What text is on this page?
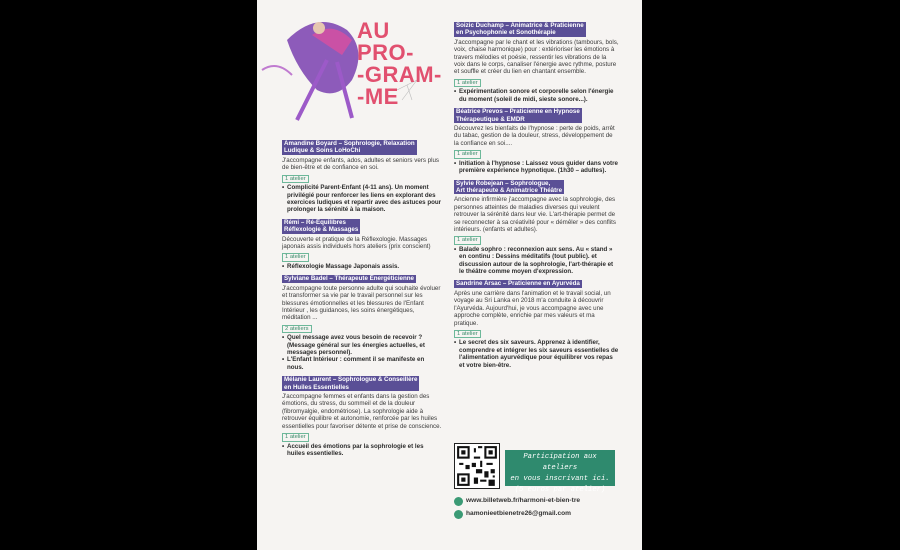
AU
PRO-
-GRAM-
-ME
Amandine Boyard – Sophrologie, Relaxation
Ludique & Soins LoHoChi
J'accompagne enfants, ados, adultes et seniors vers plus de bien-être et de confiance en soi.
1 atelier
• Complicité Parent-Enfant (4-11 ans). Un moment privilégié pour renforcer les liens en explorant des exercices ludiques et repartir avec des astuces pour prolonger la sérénité à la maison.
Rémi – Ré-Équilibres
Réflexologie & Massages
Découverte et pratique de la Réflexologie. Massages japonais assis individuels hors ateliers (prix conscient)
1 atelier
• Réflexologie Massage Japonais assis.
Sylviane Badel – Thérapeute Énergéticienne
J'accompagne toute personne adulte qui souhaite évoluer et transformer sa vie par le travail personnel sur les blessures émotionnelles et les blessures de l'Enfant Intérieur , les guidances, les soins énergétiques, méditation ...
2 ateliers
• Quel message avez vous besoin de recevoir ? (Message général sur les énergies actuelles, et messages personnel).
• L'Enfant Intérieur : comment il se manifeste en nous.
Mélanie Laurent – Sophrologue & Conseillère
en Huiles Essentielles
J'accompagne femmes et enfants dans la gestion des émotions, du stress, du sommeil et de la douleur (fibromyalgie, endométriose). La sophrologie aide à retrouver équilibre et autonomie, renforcée par les huiles essentielles pour favoriser détente et prise de conscience.
1 atelier
• Accueil des émotions par la sophrologie et les huiles essentielles.
Soizic Duchamp – Animatrice & Praticienne
en Psychophonie et Sonothérapie
J'accompagne par le chant et les vibrations (tambours, bols, voix, chaise harmonique) pour : extérioriser les émotions à travers mélodies et poésie, ressentir les vibrations de la voix dans le corps, canaliser l'énergie avec rythme, posture et souffle et créer du lien en chantant ensemble.
1 atelier
• Expérimentation sonore et corporelle selon l'énergie du moment (soleil de midi, sieste sonore...).
Béatrice Prevos – Praticienne en Hypnose
Thérapeutique & EMDR
Découvrez les bienfaits de l'hypnose : perte de poids, arrêt du tabac, gestion de la douleur, stress, développement de la confiance en soi....
1 atelier
• Initiation à l'hypnose : Laissez vous guider dans votre première expérience hypnotique. (1h30 – adultes).
Sylvie Robejean – Sophrologue,
Art thérapeute & Animatrice Théâtre
Ancienne infirmière j'accompagne avec la sophrologie, des personnes atteintes de maladies diverses qui veulent retrouver la sérénité dans leur vie. L'art-thérapie permet de se reconnecter à sa créativité pour « démêler » des conflits intérieurs. (enfants et adultes).
1 atelier
• Balade sophro : reconnexion aux sens. Au « stand » en continu : Dessins méditatifs (tout public). et discussion autour de la sophrologie, l'art-thérapie et le théâtre comme moyen d'expression.
Sandrine Arsac – Praticienne en Ayurvéda
Après une carrière dans l'animation et le travail social, un voyage au Sri Lanka en 2018 m'a conduite à découvrir l'Ayurvéda. Aujourd'hui, je vous accompagne avec une approche complète, enrichie par mes valeurs et ma pratique.
1 atelier
• Le secret des six saveurs. Apprenez à identifier, comprendre et intégrer les six saveurs essentielles de l'alimentation ayurvédique pour équilibrer vos repas et votre bien-être.
Participation aux ateliers
en vous inscrivant ici.
(5 euros par atelier)
www.billetweb.fr/harmoni-et-bien-tre
hamonieetbienetre26@gmail.com
